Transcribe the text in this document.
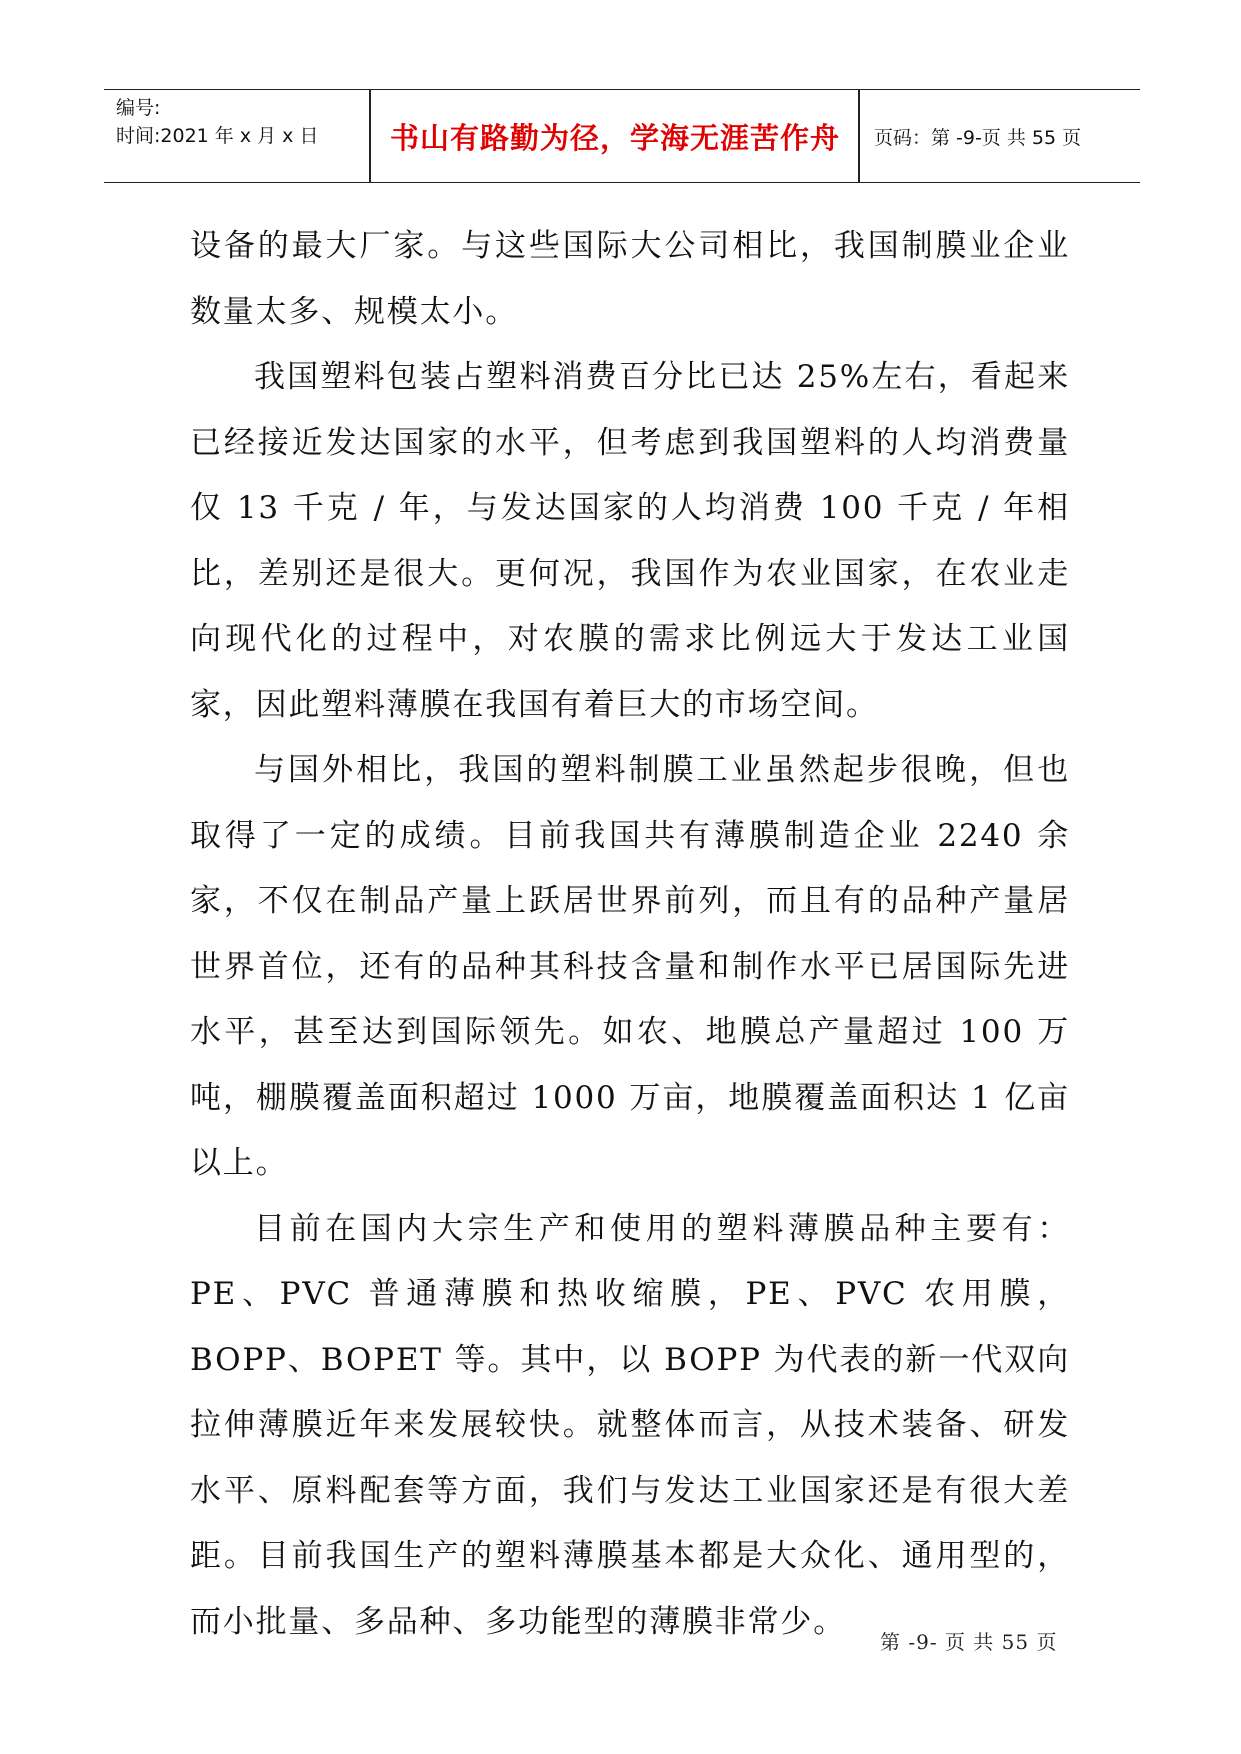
编号:
时间:2021 年 x 月 x 日	书山有路勤为径，学海无涯苦作舟	页码：第 -9-页 共 55 页

设备的最大厂家。与这些国际大公司相比，我国制膜业企业数量太多、规模太小。

我国塑料包装占塑料消费百分比已达 25%左右，看起来已经接近发达国家的水平，但考虑到我国塑料的人均消费量仅 13 千克 / 年，与发达国家的人均消费 100 千克 / 年相比，差别还是很大。更何况，我国作为农业国家，在农业走向现代化的过程中，对农膜的需求比例远大于发达工业国家，因此塑料薄膜在我国有着巨大的市场空间。

与国外相比，我国的塑料制膜工业虽然起步很晚，但也取得了一定的成绩。目前我国共有薄膜制造企业 2240 余家，不仅在制品产量上跃居世界前列，而且有的品种产量居世界首位，还有的品种其科技含量和制作水平已居国际先进水平，甚至达到国际领先。如农、地膜总产量超过 100 万吨，棚膜覆盖面积超过 1000 万亩，地膜覆盖面积达 1 亿亩以上。

目前在国内大宗生产和使用的塑料薄膜品种主要有：PE、PVC 普通薄膜和热收缩膜，PE、PVC 农用膜，BOPP、BOPET 等。其中，以 BOPP 为代表的新一代双向拉伸薄膜近年来发展较快。就整体而言，从技术装备、研发水平、原料配套等方面，我们与发达工业国家还是有很大差距。目前我国生产的塑料薄膜基本都是大众化、通用型的，而小批量、多品种、多功能型的薄膜非常少。

第 -9- 页 共 55 页
